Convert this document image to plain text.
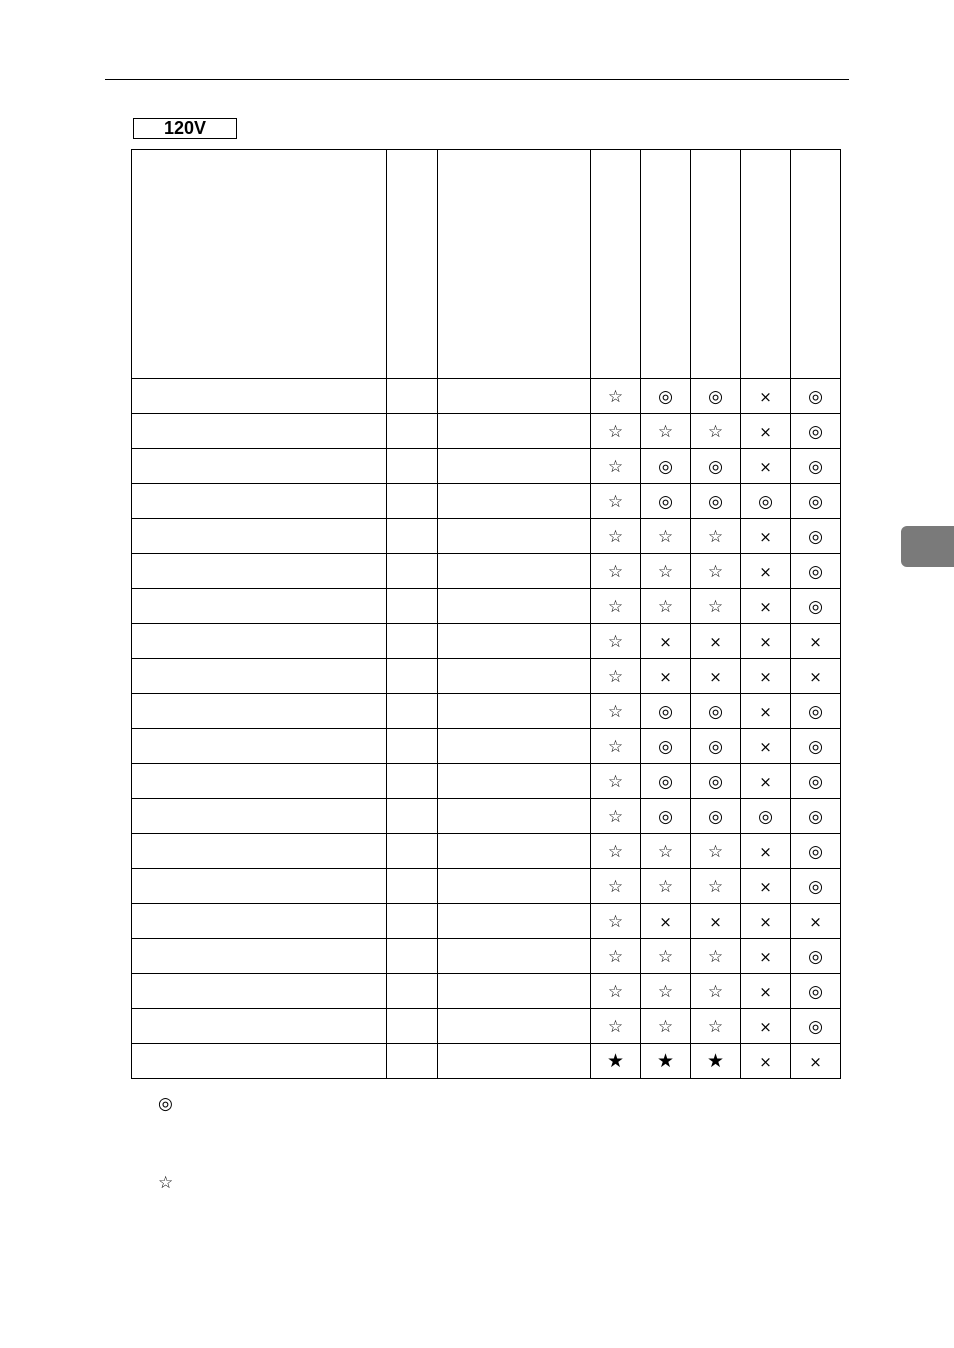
120V

			☆	◎	◎	×	◎
			☆	☆	☆	×	◎
			☆	◎	◎	×	◎
			☆	◎	◎	◎	◎
			☆	☆	☆	×	◎
			☆	☆	☆	×	◎
			☆	☆	☆	×	◎
			☆	×	×	×	×
			☆	×	×	×	×
			☆	◎	◎	×	◎
			☆	◎	◎	×	◎
			☆	◎	◎	×	◎
			☆	◎	◎	◎	◎
			☆	☆	☆	×	◎
			☆	☆	☆	×	◎
			☆	×	×	×	×
			☆	☆	☆	×	◎
			☆	☆	☆	×	◎
			☆	☆	☆	×	◎
			★	★	★	×	×
◎
☆
